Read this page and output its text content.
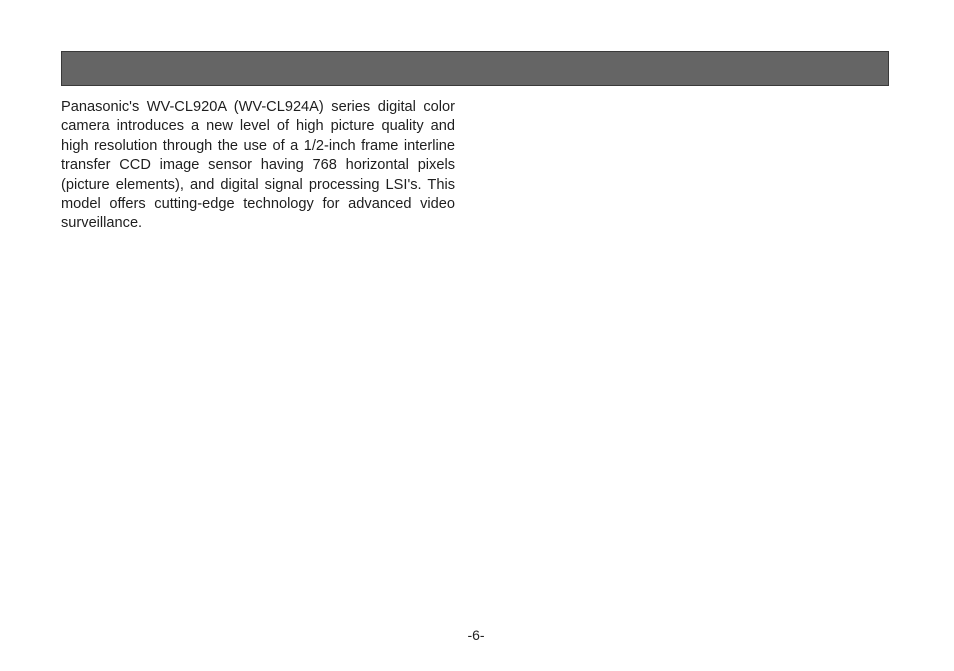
Panasonic's WV-CL920A (WV-CL924A) series digital color camera introduces a new level of high picture quality and high resolution through the use of a 1/2-inch frame interline transfer CCD image sensor having 768 horizontal pixels (picture elements), and digital signal processing LSI's. This model offers cutting-edge technology for advanced video surveillance.

-6-
